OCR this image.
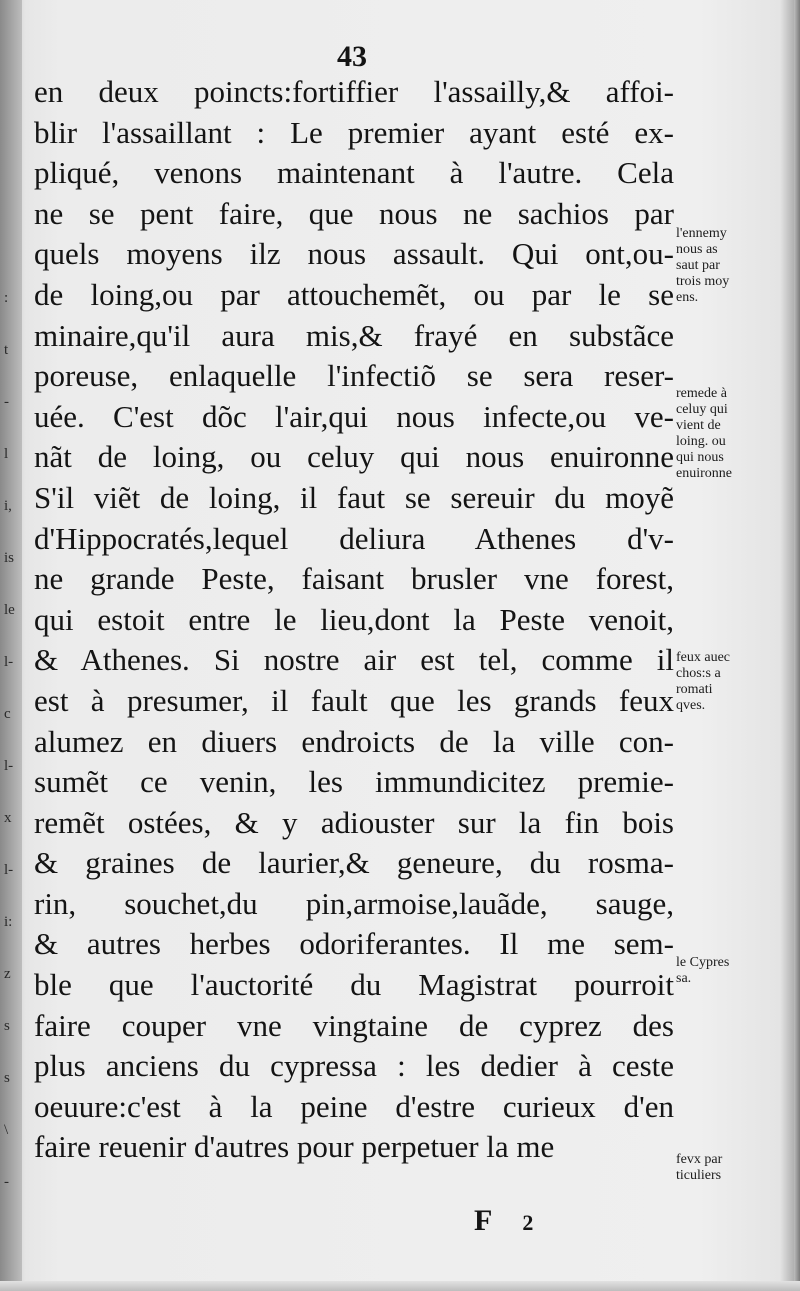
:
t
-
l
i,
is
le
l-
c
l-
x
l-
i:
z
s
s
\
-
43
en deux poincts:fortiffier l'assailly,& affoi-
blir l'assaillant : Le premier ayant esté ex-
pliqué, venons maintenant à l'autre. Cela
ne se pent faire, que nous ne sachios par
quels moyens ilz nous assault. Qui ont,ou-
de loing,ou par attouchemẽt, ou par le se
minaire,qu'il aura mis,& frayé en substãce
poreuse, enlaquelle l'infectiõ se sera reser-
uée. C'est dõc l'air,qui nous infecte,ou ve-
nãt de loing, ou celuy qui nous enuironne
S'il viẽt de loing, il faut se sereuir du moyẽ
d'Hippocratés,lequel deliura Athenes d'v-
ne grande Peste, faisant brusler vne forest,
qui estoit entre le lieu,dont la Peste venoit,
& Athenes. Si nostre air est tel, comme il
est à presumer, il fault que les grands feux
alumez en diuers endroicts de la ville con-
sumẽt ce venin, les immundicitez premie-
remẽt ostées, & y adiouster sur la fin bois
& graines de laurier,& geneure, du rosma-
rin, souchet,du pin,armoise,lauãde, sauge,
& autres herbes odoriferantes. Il me sem-
ble que l'auctorité du Magistrat pourroit
faire couper vne vingtaine de cyprez des
plus anciens du cypressa : les dedier à ceste
oeuure:c'est à la peine d'estre curieux d'en
faire reuenir d'autres pour perpetuer la me
l'ennemy
nous as
saut par
trois moy
ens.
remede à
celuy qui
vient de
loing. ou
qui nous
enuironne
feux auec
chos:s a
romati
qves.
le Cypres
sa.
fevx par
ticuliers
F 2
